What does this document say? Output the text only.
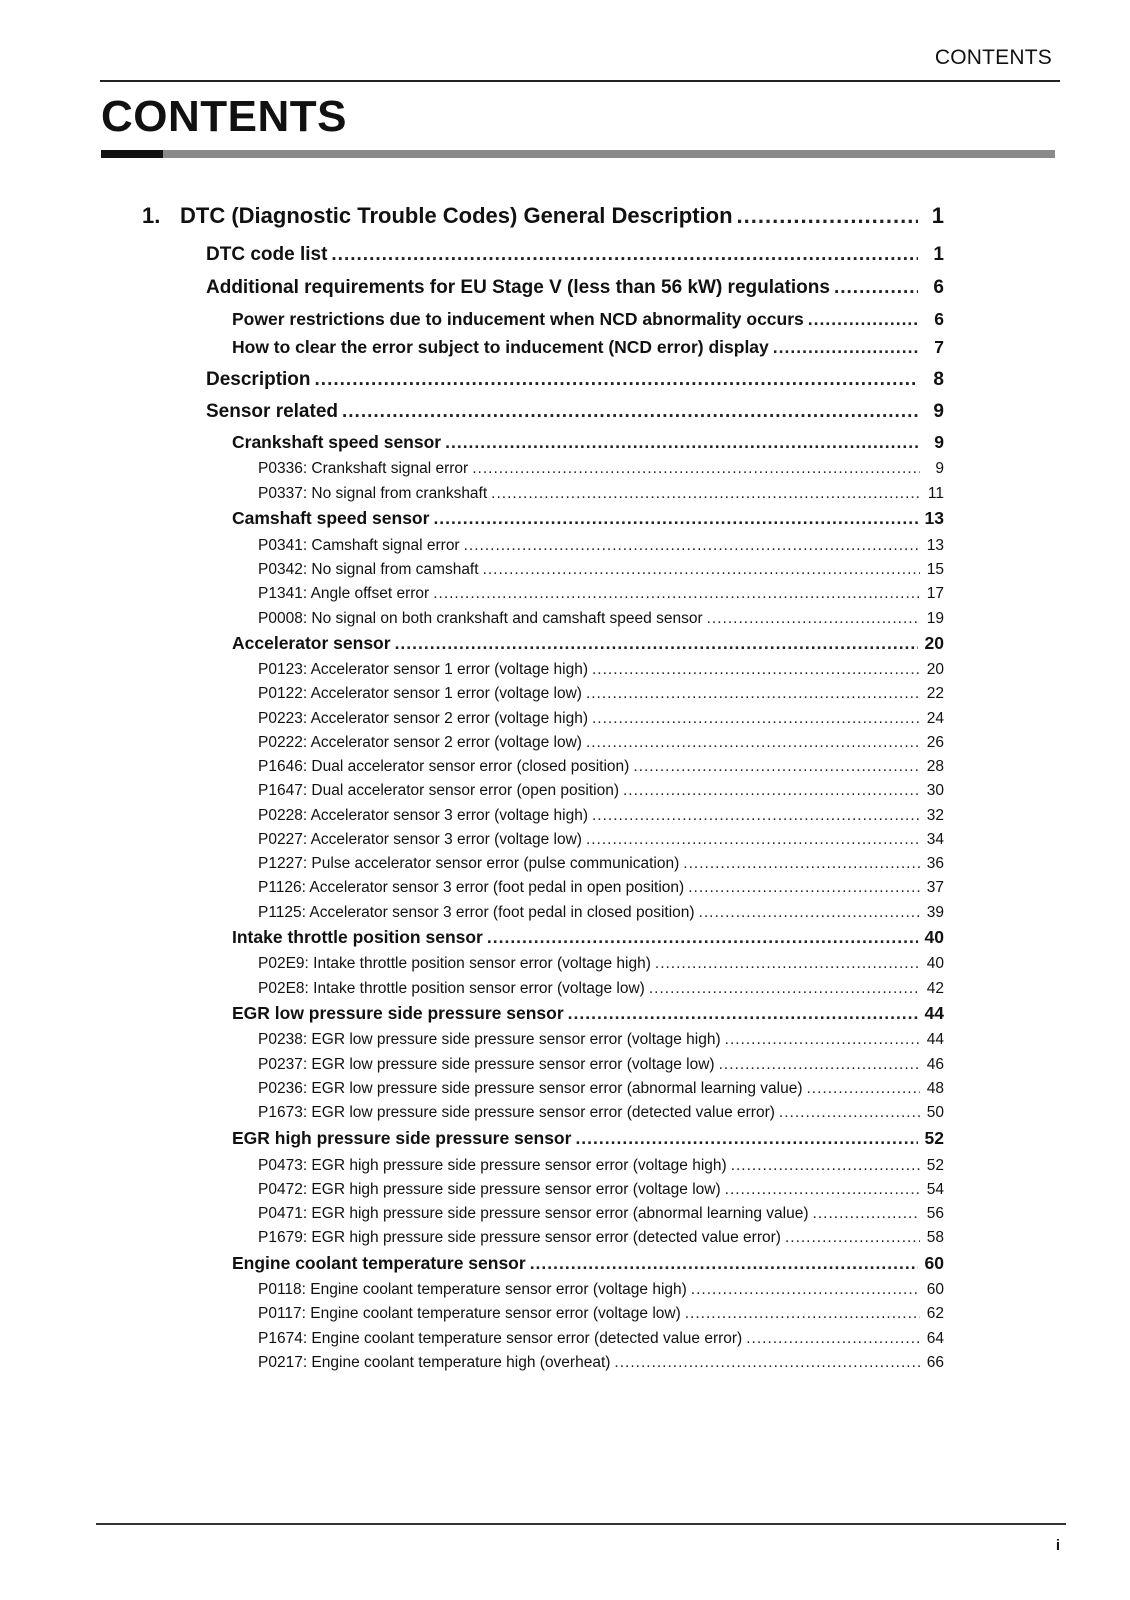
CONTENTS
CONTENTS
1. DTC (Diagnostic Trouble Codes) General Description .....	1
DTC code list .....	1
Additional requirements for EU Stage V (less than 56 kW) regulations .....	6
Power restrictions due to inducement when NCD abnormality occurs .....	6
How to clear the error subject to inducement (NCD error) display .....	7
Description .....	8
Sensor related .....	9
Crankshaft speed sensor .....	9
P0336: Crankshaft signal error .....	9
P0337: No signal from crankshaft .....	11
Camshaft speed sensor .....	13
P0341: Camshaft signal error .....	13
P0342: No signal from camshaft .....	15
P1341: Angle offset error .....	17
P0008: No signal on both crankshaft and camshaft speed sensor .....	19
Accelerator sensor .....	20
P0123: Accelerator sensor 1 error (voltage high) .....	20
P0122: Accelerator sensor 1 error (voltage low) .....	22
P0223: Accelerator sensor 2 error (voltage high) .....	24
P0222: Accelerator sensor 2 error (voltage low) .....	26
P1646: Dual accelerator sensor error (closed position) .....	28
P1647: Dual accelerator sensor error (open position) .....	30
P0228: Accelerator sensor 3 error (voltage high) .....	32
P0227: Accelerator sensor 3 error (voltage low) .....	34
P1227: Pulse accelerator sensor error (pulse communication) .....	36
P1126: Accelerator sensor 3 error (foot pedal in open position) .....	37
P1125: Accelerator sensor 3 error (foot pedal in closed position) .....	39
Intake throttle position sensor .....	40
P02E9: Intake throttle position sensor error (voltage high) .....	40
P02E8: Intake throttle position sensor error (voltage low) .....	42
EGR low pressure side pressure sensor .....	44
P0238: EGR low pressure side pressure sensor error (voltage high) .....	44
P0237: EGR low pressure side pressure sensor error (voltage low) .....	46
P0236: EGR low pressure side pressure sensor error (abnormal learning value) .....	48
P1673: EGR low pressure side pressure sensor error (detected value error) .....	50
EGR high pressure side pressure sensor .....	52
P0473: EGR high pressure side pressure sensor error (voltage high) .....	52
P0472: EGR high pressure side pressure sensor error (voltage low) .....	54
P0471: EGR high pressure side pressure sensor error (abnormal learning value) .....	56
P1679: EGR high pressure side pressure sensor error (detected value error) .....	58
Engine coolant temperature sensor .....	60
P0118: Engine coolant temperature sensor error (voltage high) .....	60
P0117: Engine coolant temperature sensor error (voltage low) .....	62
P1674: Engine coolant temperature sensor error (detected value error) .....	64
P0217: Engine coolant temperature high (overheat) .....	66
i
